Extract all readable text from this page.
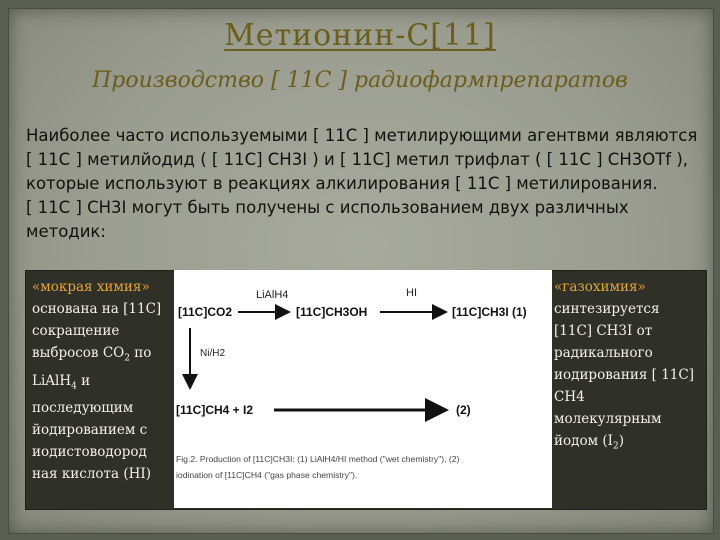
Метионин-С[11]
Производство [ 11С ] радиофармпрепаратов

Наиболее часто используемыми [ 11С ] метилирующими агентвми являются [ 11С ] метилйодид ( [ 11С] СН3I ) и [ 11С] метил трифлат ( [ 11С ] СН3OTf ), которые используют в реакциях алкилирования [ 11С ] метилирования.

[ 11С ] СН3I могут быть получены с использованием двух различных методик:

«мокрая химия»
основана на [11С]
сокращение
выбросов $СО_2$ по
LiAlH$_4$ и
последующим
йодированием с
иодистоводород
ная кислота (HI)
«газохимия»
синтезируется
[11С] СН3I от
радикального
иодирования [ 11С]
СН4
молекулярным
йодом $(I_2)$
LiAlH4	HI
[11C]CO2	[11C]CH3OH	[11C]CH3I (1)
Ni/H2
[11C]CH4 + I2	(2)
Fig.2. Production of [11C]CH3I: (1) LiAlH4/HI method ("wet chemistry"), (2)
iodination of [11C]CH4 ("gas phase chemistry").
